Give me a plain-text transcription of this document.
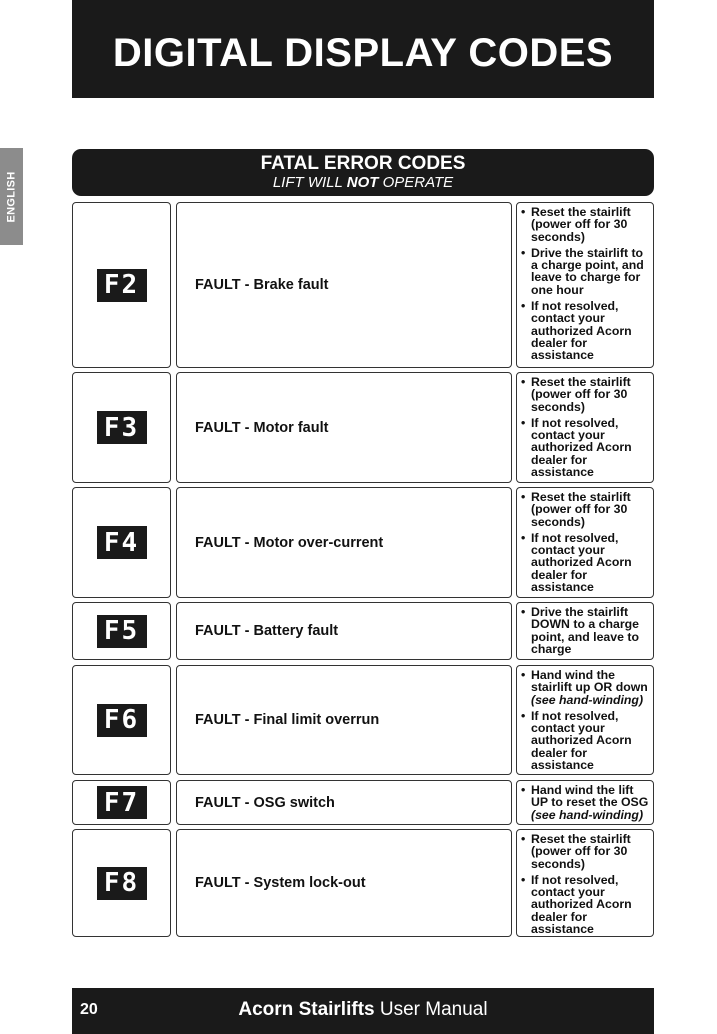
DIGITAL DISPLAY CODES
ENGLISH
FATAL ERROR CODES
LIFT WILL NOT OPERATE
F2	FAULT - Brake fault
• Reset the stairlift (power off for 30 seconds)
• Drive the stairlift to a charge point, and leave to charge for one hour
• If not resolved, contact your authorized Acorn dealer for assistance
F3	FAULT - Motor fault
• Reset the stairlift (power off for 30 seconds)
• If not resolved, contact your authorized Acorn dealer for assistance
F4	FAULT - Motor over-current
• Reset the stairlift (power off for 30 seconds)
• If not resolved, contact your authorized Acorn dealer for assistance
F5	FAULT - Battery fault
• Drive the stairlift DOWN to a charge point, and leave to charge
F6	FAULT - Final limit overrun
• Hand wind the stairlift up OR down
(see hand-winding)
• If not resolved, contact your authorized Acorn dealer for assistance
F7	FAULT - OSG switch
• Hand wind the lift UP to reset the OSG
(see hand-winding)
F8	FAULT - System lock-out
• Reset the stairlift (power off for 30 seconds)
• If not resolved, contact your authorized Acorn dealer for assistance
20	Acorn Stairlifts User Manual
